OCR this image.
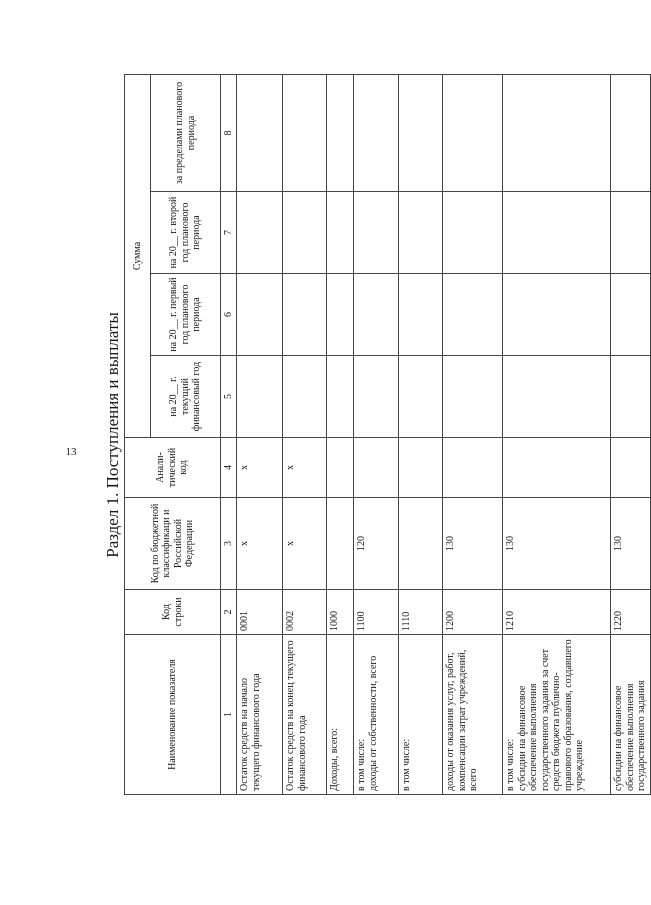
13 Раздел 1. Поступления и выплаты
Наименование показателя	Код строки	Код по бюджетной классификаци и Российской Федерации	Анали-тический код	Сумма			
				на 20__ г. текущий финансовый год	на 20__ г. первый год планового периода	на 20__ г. второй год планового периода	за пределами планового периода
1	2	3	4	5	6	7	8
Остаток средств на начало текущего финансового года	0001	x	x				
Остаток средств на конец текущего финансового года	0002	x	x				
Доходы, всего:	1000						
в том числе:
доходы от собственности, всего	1100	120					
в том числе:	1110						
доходы от оказания услуг, работ, компенсации затрат учреждений, всего	1200	130					
в том числе:
субсидии на финансовое обеспечение выполнения государственного задания за счет средств бюджета публично-правового образования, создавшего учреждение	1210	130					
субсидии на финансовое обеспечение выполнения государственного задания	1220	130					
